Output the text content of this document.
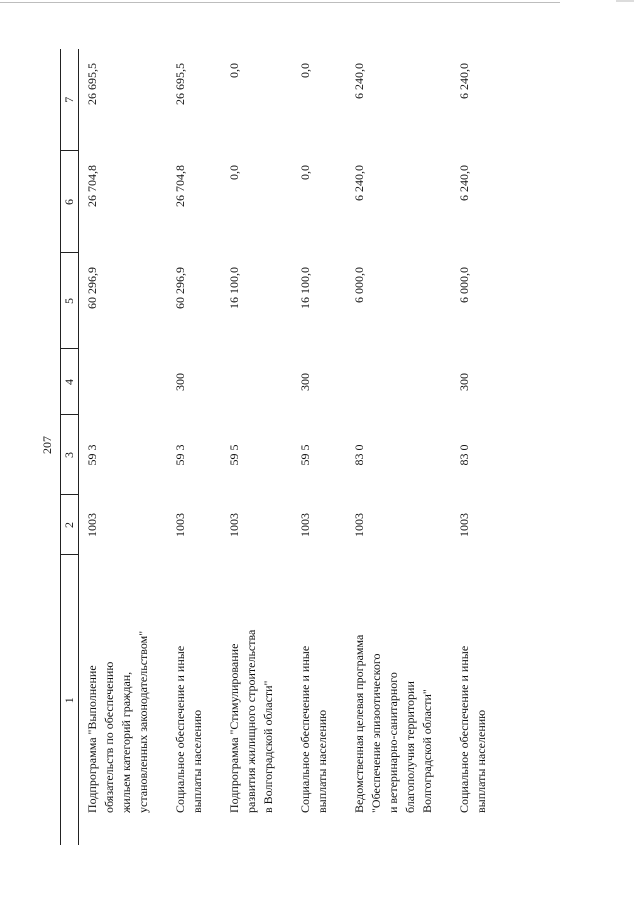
207
1	2	3	4	5	6	7

Подпрограмма "Выполнение обязательств по обеспечению жильем категорий граждан, установленных законодательством"	1003	59 3		60 296,9	26 704,8	26 695,5

Социальное обеспечение и иные выплаты населению	1003	59 3	300	60 296,9	26 704,8	26 695,5

Подпрограмма "Стимулирование развития жилищного строительства в Волгоградской области"	1003	59 5		16 100,0	0,0	0,0

Социальное обеспечение и иные выплаты населению	1003	59 5	300	16 100,0	0,0	0,0

Ведомственная целевая программа "Обеспечение эпизоотического и ветеринарно-санитарного благополучия территории Волгоградской области"	1003	83 0		6 000,0	6 240,0	6 240,0

Социальное обеспечение и иные выплаты населению	1003	83 0	300	6 000,0	6 240,0	6 240,0
